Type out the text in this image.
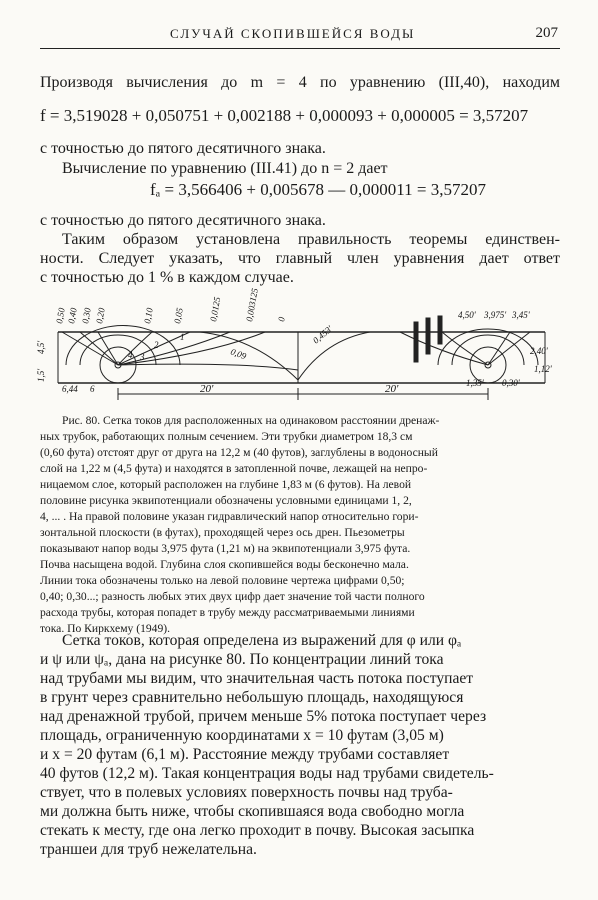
СЛУЧАЙ СКОПИВШЕЙСЯ ВОДЫ	207
Производя вычисления до m = 4 по уравнению (III,40), находим
f = 3,519028 + 0,050751 + 0,002188 + 0,000093 + 0,000005 = 3,57207
с точностью до пятого десятичного знака.
Вычисление по уравнению (III.41) до n = 2 дает
fₐ = 3,566406 + 0,005678 — 0,000011 = 3,57207
с точностью до пятого десятичного знака.
Таким образом установлена правильность теоремы единствен-
ности. Следует указать, что главный член уравнения дает ответ
с точностью до 1 % в каждом случае.
0,50 0,40 0,30 0,20	0,10 0,05	0,0125 0,003125 0	4,50' 3,975' 3,45'
2,40'
1,12'
0,30'
1,35'
0,453'
0,09
1
2
3
4
4,5'
1,5'
6,44 6	20'	20'
Рис. 80. Сетка токов для расположенных на одинаковом расстоянии дренаж-
ных трубок, работающих полным сечением. Эти трубки диаметром 18,3 см
(0,60 фута) отстоят друг от друга на 12,2 м (40 футов), заглублены в водоносный
слой на 1,22 м (4,5 фута) и находятся в затопленной почве, лежащей на непро-
ницаемом слое, который расположен на глубине 1,83 м (6 футов). На левой
половине рисунка эквипотенциали обозначены условными единицами 1, 2,
4, ... . На правой половине указан гидравлический напор относительно гори-
зонтальной плоскости (в футах), проходящей через ось дрен. Пьезометры
показывают напор воды 3,975 фута (1,21 м) на эквипотенциали 3,975 фута.
Почва насыщена водой. Глубина слоя скопившейся воды бесконечно мала.
Линии тока обозначены только на левой половине чертежа цифрами 0,50;
0,40; 0,30...; разность любых этих двух цифр дает значение той части полного
расхода трубы, которая попадет в трубу между рассматриваемыми линиями
тока. По Киркхему (1949).
Сетка токов, которая определена из выражений для φ или φₐ
и ψ или ψₐ, дана на рисунке 80. По концентрации линий тока
над трубами мы видим, что значительная часть потока поступает
в грунт через сравнительно небольшую площадь, находящуюся
над дренажной трубой, причем меньше 5% потока поступает через
площадь, ограниченную координатами x = 10 футам (3,05 м)
и x = 20 футам (6,1 м). Расстояние между трубами составляет
40 футов (12,2 м). Такая концентрация воды над трубами свидетель-
ствует, что в полевых условиях поверхность почвы над труба-
ми должна быть ниже, чтобы скопившаяся вода свободно могла
стекать к месту, где она легко проходит в почву. Высокая засыпка
траншеи для труб нежелательна.
